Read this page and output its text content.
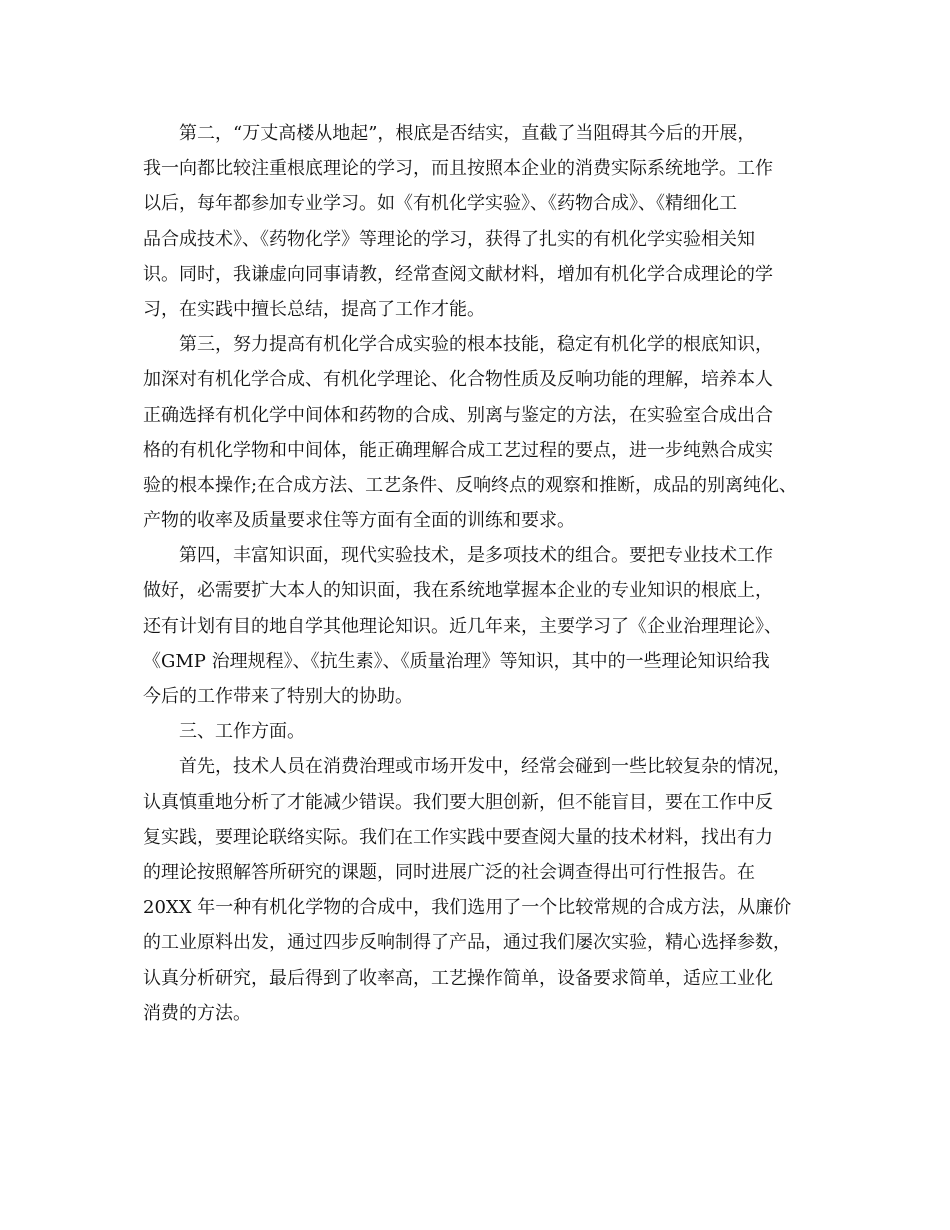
　　第二，“万丈高楼从地起”，根底是否结实，直截了当阻碍其今后的开展，
我一向都比较注重根底理论的学习，而且按照本企业的消费实际系统地学。工作
以后，每年都参加专业学习。如《有机化学实验》、《药物合成》、《精细化工
品合成技术》、《药物化学》等理论的学习，获得了扎实的有机化学实验相关知
识。同时，我谦虚向同事请教，经常查阅文献材料，增加有机化学合成理论的学
习，在实践中擅长总结，提高了工作才能。
　　第三，努力提高有机化学合成实验的根本技能，稳定有机化学的根底知识，
加深对有机化学合成、有机化学理论、化合物性质及反响功能的理解，培养本人
正确选择有机化学中间体和药物的合成、别离与鉴定的方法，在实验室合成出合
格的有机化学物和中间体，能正确理解合成工艺过程的要点，进一步纯熟合成实
验的根本操作;在合成方法、工艺条件、反响终点的观察和推断，成品的别离纯化、
产物的收率及质量要求住等方面有全面的训练和要求。
　　第四，丰富知识面，现代实验技术，是多项技术的组合。要把专业技术工作
做好，必需要扩大本人的知识面，我在系统地掌握本企业的专业知识的根底上，
还有计划有目的地自学其他理论知识。近几年来，主要学习了《企业治理理论》、
《GMP 治理规程》、《抗生素》、《质量治理》等知识，其中的一些理论知识给我
今后的工作带来了特别大的协助。
　　三、工作方面。
　　首先，技术人员在消费治理或市场开发中，经常会碰到一些比较复杂的情况，
认真慎重地分析了才能减少错误。我们要大胆创新，但不能盲目，要在工作中反
复实践，要理论联络实际。我们在工作实践中要查阅大量的技术材料，找出有力
的理论按照解答所研究的课题，同时进展广泛的社会调查得出可行性报告。在
20XX 年一种有机化学物的合成中，我们选用了一个比较常规的合成方法，从廉价
的工业原料出发，通过四步反响制得了产品，通过我们屡次实验，精心选择参数，
认真分析研究，最后得到了收率高，工艺操作简单，设备要求简单，适应工业化
消费的方法。
